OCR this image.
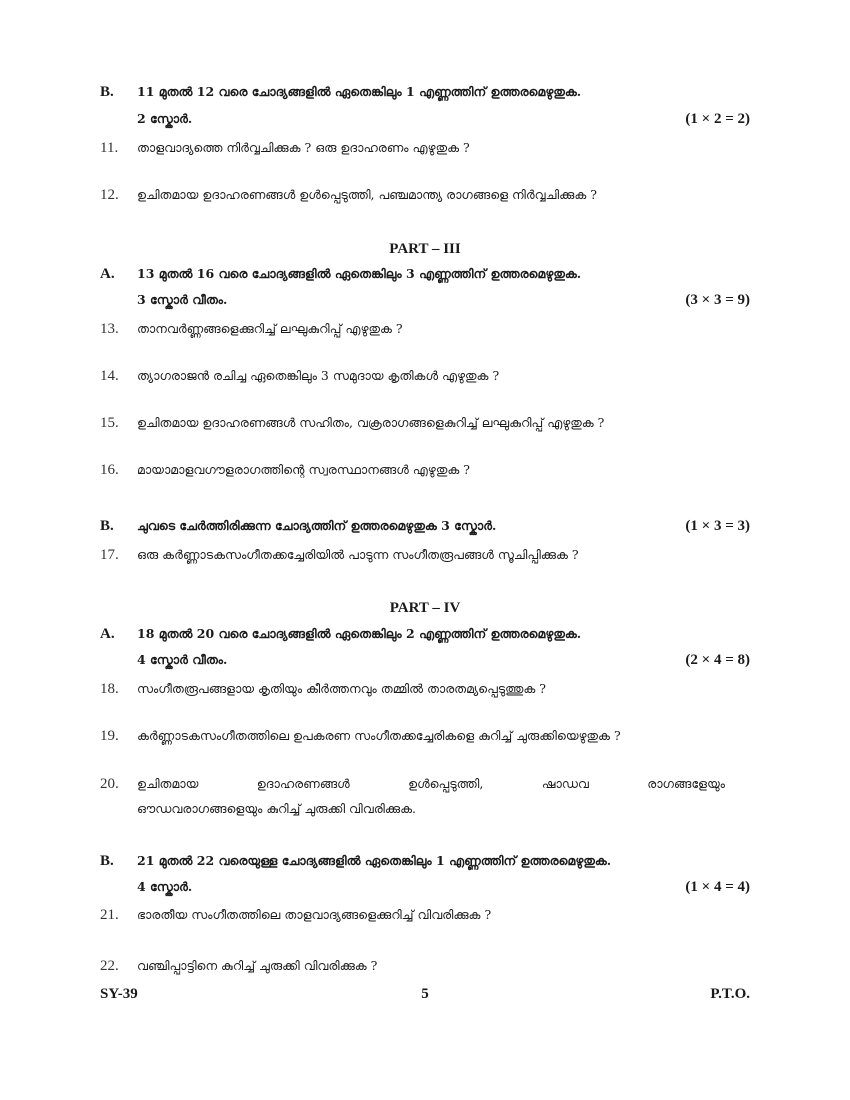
B. 11 മുതൽ 12 വരെ ചോദ്യങ്ങളിൽ ഏതെങ്കിലും 1 എണ്ണത്തിന് ഉത്തരമെഴുതുക.
2 സ്കോർ.	(1 × 2 = 2)
11. താളവാദ്യത്തെ നിർവ്വചിക്കുക ? ഒരു ഉദാഹരണം എഴുതുക ?
12. ഉചിതമായ ഉദാഹരണങ്ങൾ ഉൾപ്പെടുത്തി, പഞ്ചമാന്ത്യ രാഗങ്ങളെ നിർവ്വചിക്കുക ?
PART – III
A. 13 മുതൽ 16 വരെ ചോദ്യങ്ങളിൽ ഏതെങ്കിലും 3 എണ്ണത്തിന് ഉത്തരമെഴുതുക.
3 സ്കോർ വീതം.	(3 × 3 = 9)
13. താനവർണ്ണങ്ങളെക്കുറിച്ച് ലഘുകുറിപ്പ് എഴുതുക ?
14. ത്യാഗരാജൻ രചിച്ച ഏതെങ്കിലും 3 സമുദായ കൃതികൾ എഴുതുക ?
15. ഉചിതമായ ഉദാഹരണങ്ങൾ സഹിതം, വക്രരാഗങ്ങളെകുറിച്ച് ലഘുകുറിപ്പ് എഴുതുക ?
16. മായാമാളവഗൗളരാഗത്തിന്റെ സ്വരസ്ഥാനങ്ങൾ എഴുതുക ?
B. ചുവടെ ചേർത്തിരിക്കുന്ന ചോദ്യത്തിന് ഉത്തരമെഴുതുക 3 സ്കോർ.	(1 × 3 = 3)
17. ഒരു കർണ്ണാടകസംഗീതക്കച്ചേരിയിൽ പാടുന്ന സംഗീതരൂപങ്ങൾ സൂചിപ്പിക്കുക ?
PART – IV
A. 18 മുതൽ 20 വരെ ചോദ്യങ്ങളിൽ ഏതെങ്കിലും 2 എണ്ണത്തിന് ഉത്തരമെഴുതുക.
4 സ്കോർ വീതം.	(2 × 4 = 8)
18. സംഗീതരൂപങ്ങളായ കൃതിയും കീർത്തനവും തമ്മിൽ താരതമ്യപ്പെടുത്തുക ?
19. കർണ്ണാടകസംഗീതത്തിലെ ഉപകരണ സംഗീതക്കച്ചേരികളെ കുറിച്ച് ചുരുക്കിയെഴുതുക ?
20. ഉചിതമായ ഉദാഹരണങ്ങൾ ഉൾപ്പെടുത്തി, ഷാഡവ രാഗങ്ങളേയും
ഔഡവരാഗങ്ങളെയും കുറിച്ച് ചുരുക്കി വിവരിക്കുക.
B. 21 മുതൽ 22 വരെയുള്ള ചോദ്യങ്ങളിൽ ഏതെങ്കിലും 1 എണ്ണത്തിന് ഉത്തരമെഴുതുക.
4 സ്കോർ.	(1 × 4 = 4)
21. ഭാരതീയ സംഗീതത്തിലെ താളവാദ്യങ്ങളെക്കുറിച്ച് വിവരിക്കുക ?
22. വഞ്ചിപ്പാട്ടിനെ കുറിച്ച് ചുരുക്കി വിവരിക്കുക ?
SY-39	5	P.T.O.
